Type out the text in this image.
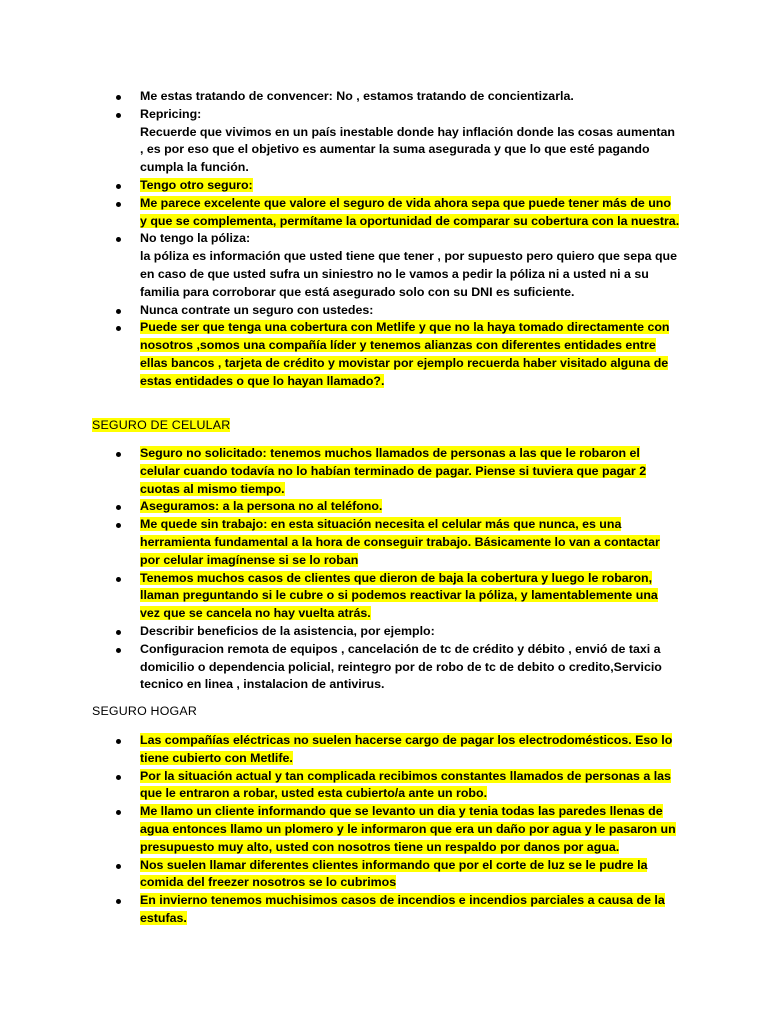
Me estas tratando de convencer: No , estamos tratando de concientizarla.
Repricing:
Recuerde que vivimos en un país inestable donde hay inflación donde las cosas aumentan , es por eso que el objetivo es aumentar la suma asegurada y que lo que esté pagando cumpla la función.
Tengo otro seguro:
Me parece excelente que valore el seguro de vida ahora sepa que puede tener más de uno y que se complementa, permítame la oportunidad de comparar su cobertura con la nuestra.
No tengo la póliza:
la póliza es información que usted tiene que tener , por supuesto pero quiero que sepa que en caso de que usted sufra un siniestro no le vamos a pedir la póliza ni a usted ni a su familia para corroborar que está asegurado solo con su DNI es suficiente.
Nunca contrate un seguro con ustedes:
Puede ser que tenga una cobertura con Metlife y que no la haya tomado directamente con nosotros ,somos una compañía líder y tenemos alianzas con diferentes entidades entre ellas bancos , tarjeta de crédito y movistar por ejemplo recuerda haber visitado alguna de estas entidades o que lo hayan llamado?.
SEGURO DE CELULAR
Seguro no solicitado: tenemos muchos llamados de personas a las que le robaron el celular cuando todavía no lo habían terminado de pagar. Piense si tuviera que pagar 2 cuotas al mismo tiempo.
Aseguramos: a la persona no al teléfono.
Me quede sin trabajo: en esta situación necesita el celular más que nunca, es una herramienta fundamental a la hora de conseguir trabajo. Básicamente lo van a contactar por celular imagínense si se lo roban
Tenemos muchos casos de clientes que dieron de baja la cobertura y luego le robaron, llaman preguntando si le cubre o si podemos reactivar la póliza, y lamentablemente una vez que se cancela no hay vuelta atrás.
Describir beneficios de la asistencia, por ejemplo:
Configuracion remota de equipos , cancelación de tc de crédito y débito , envió de taxi a domicilio o dependencia policial, reintegro por de robo de tc de debito o credito,Servicio tecnico en linea , instalacion de antivirus.
SEGURO HOGAR
Las compañías eléctricas no suelen hacerse cargo de pagar los electrodomésticos. Eso lo tiene cubierto con Metlife.
Por la situación actual y tan complicada recibimos constantes llamados de personas a las que le entraron a robar, usted esta cubierto/a ante un robo.
Me llamo un cliente informando que se levanto un dia y tenia todas las paredes llenas de agua entonces llamo un plomero y le informaron que era un daño por agua y le pasaron un presupuesto muy alto, usted con nosotros tiene un respaldo por danos por agua.
Nos suelen llamar diferentes clientes informando que por el corte de luz se le pudre la comida del freezer nosotros se lo cubrimos
En invierno tenemos muchisimos casos de incendios e incendios parciales a causa de la estufas.
